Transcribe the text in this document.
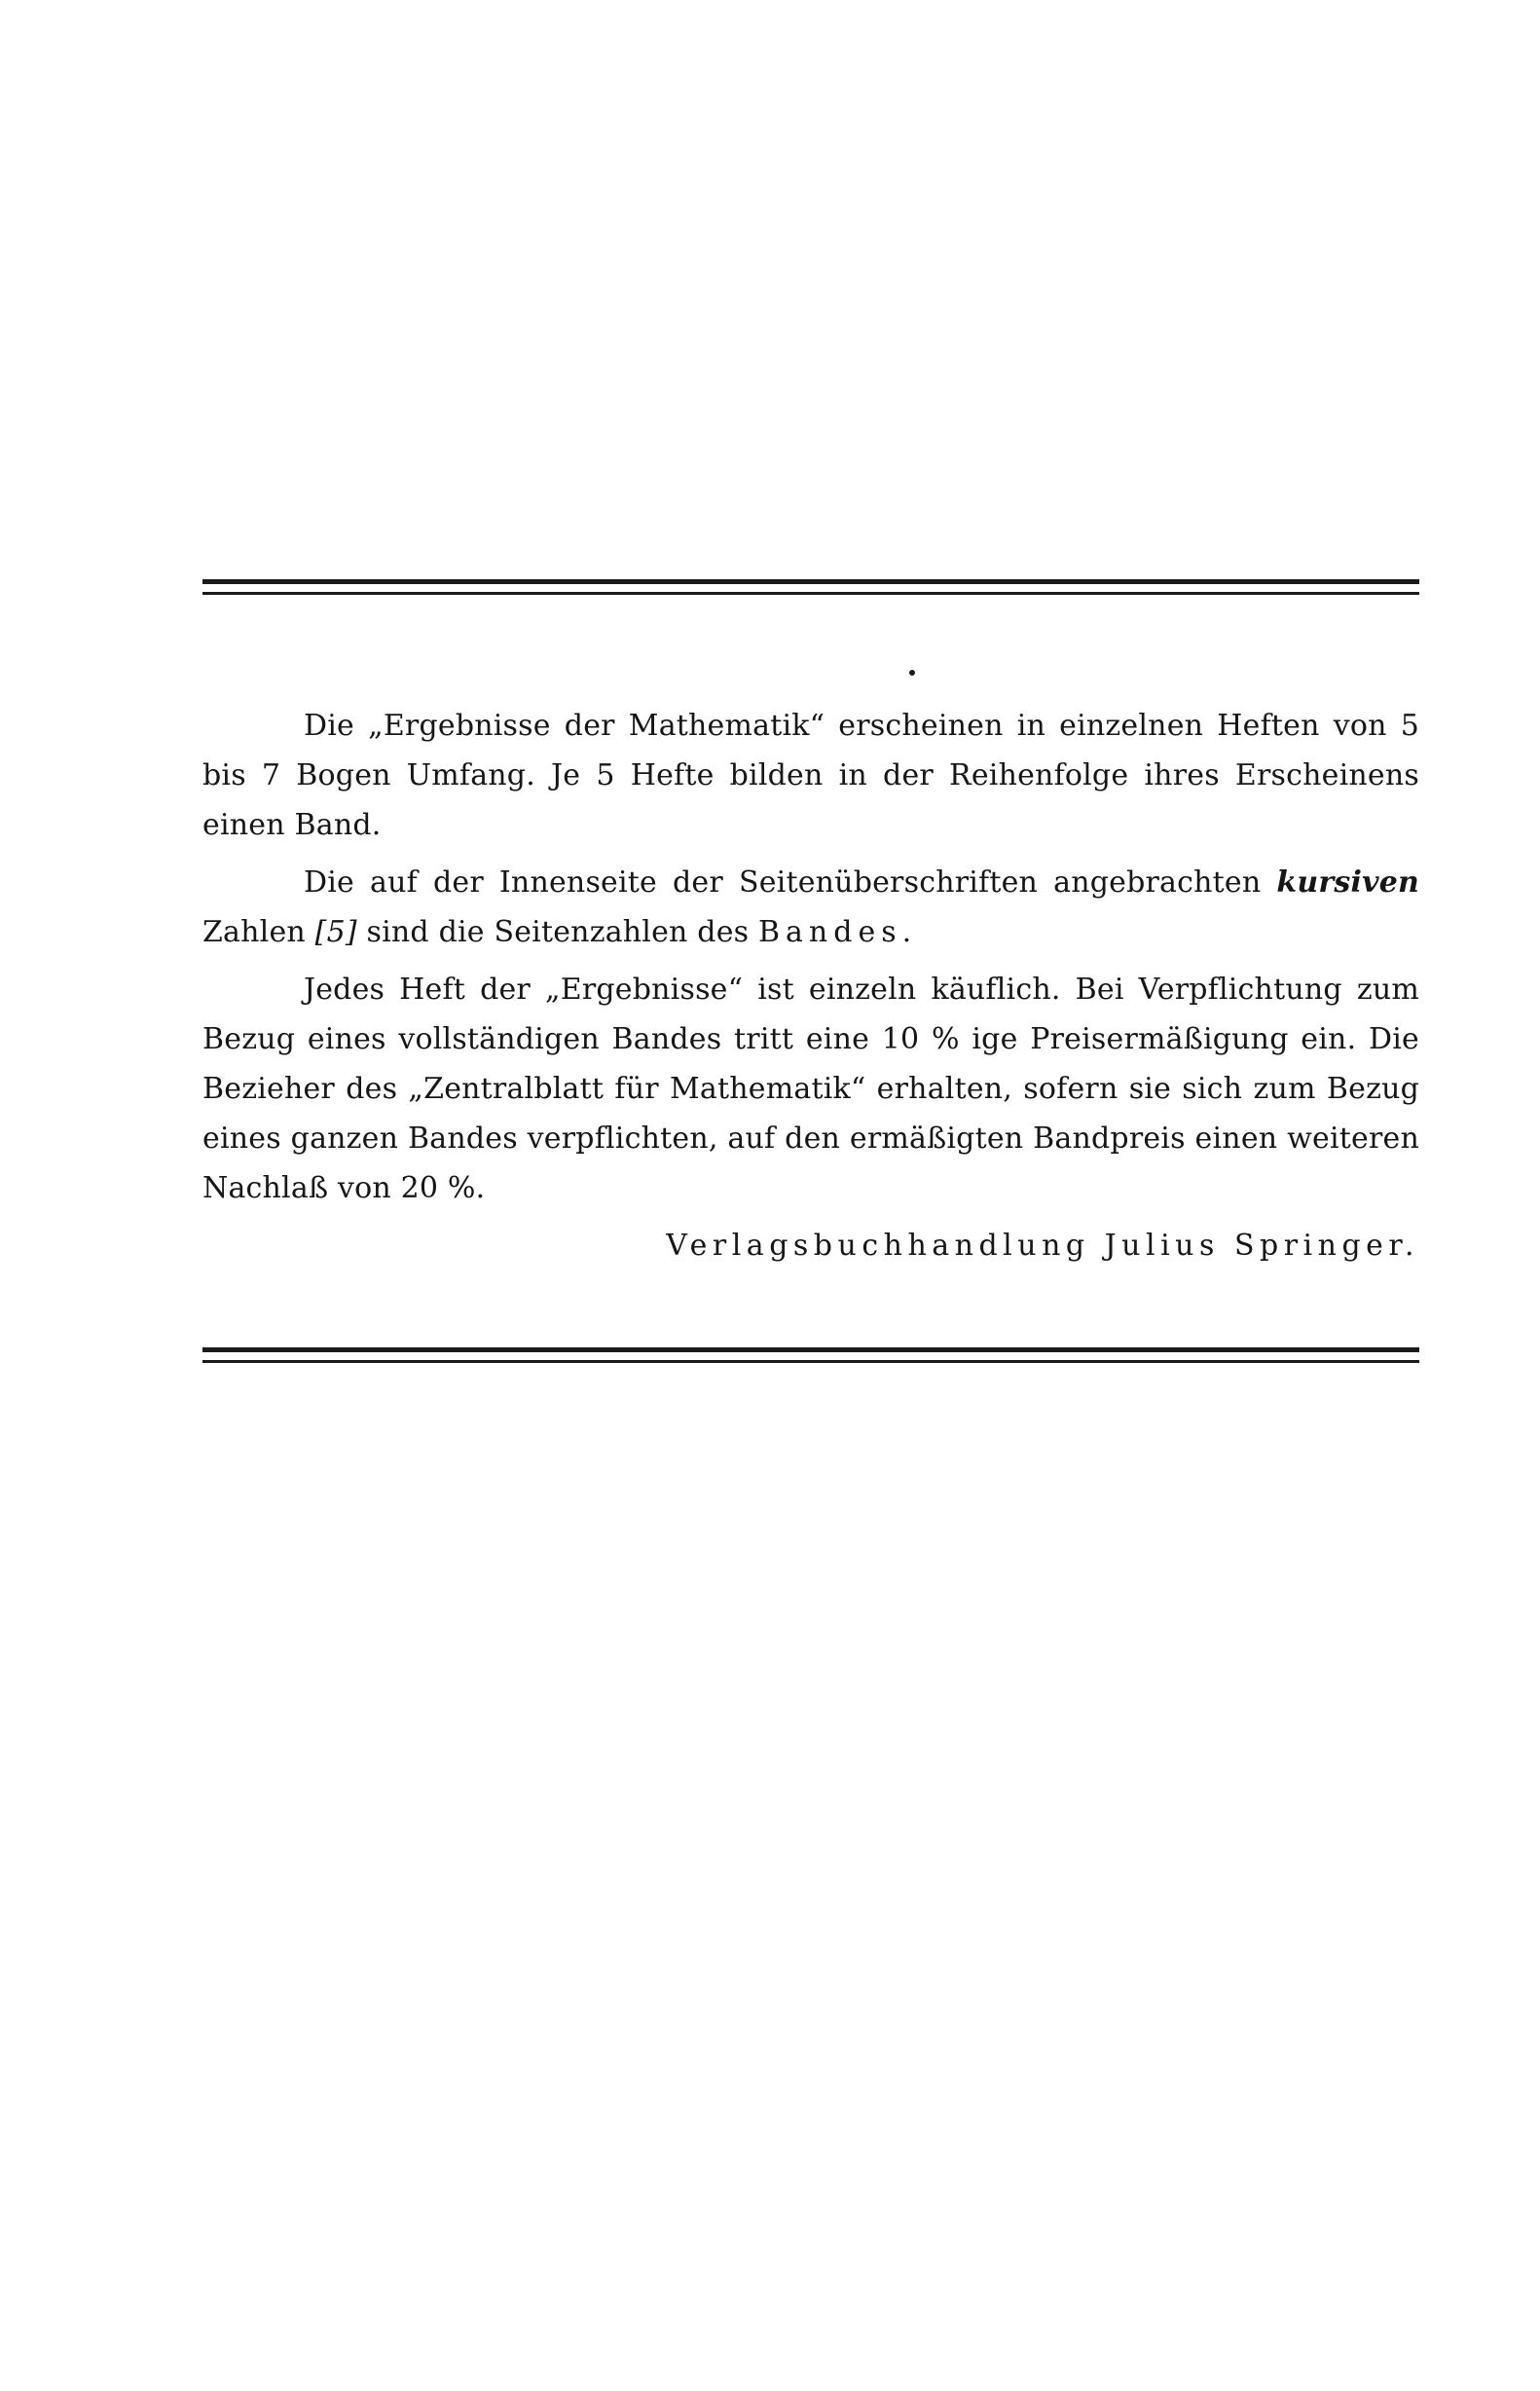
Die „Ergebnisse der Mathematik“ erscheinen in einzelnen Heften von 5 bis 7 Bogen Umfang. Je 5 Hefte bilden in der Reihenfolge ihres Erscheinens einen Band.

Die auf der Innenseite der Seitenüberschriften angebrachten kursiven Zahlen [5] sind die Seitenzahlen des Bandes.

Jedes Heft der „Ergebnisse“ ist einzeln käuflich. Bei Verpflichtung zum Bezug eines vollständigen Bandes tritt eine 10 % ige Preisermäßigung ein. Die Bezieher des „Zentralblatt für Mathematik“ erhalten, sofern sie sich zum Bezug eines ganzen Bandes verpflichten, auf den ermäßigten Bandpreis einen weiteren Nachlaß von 20 %.

Verlagsbuchhandlung Julius Springer.
